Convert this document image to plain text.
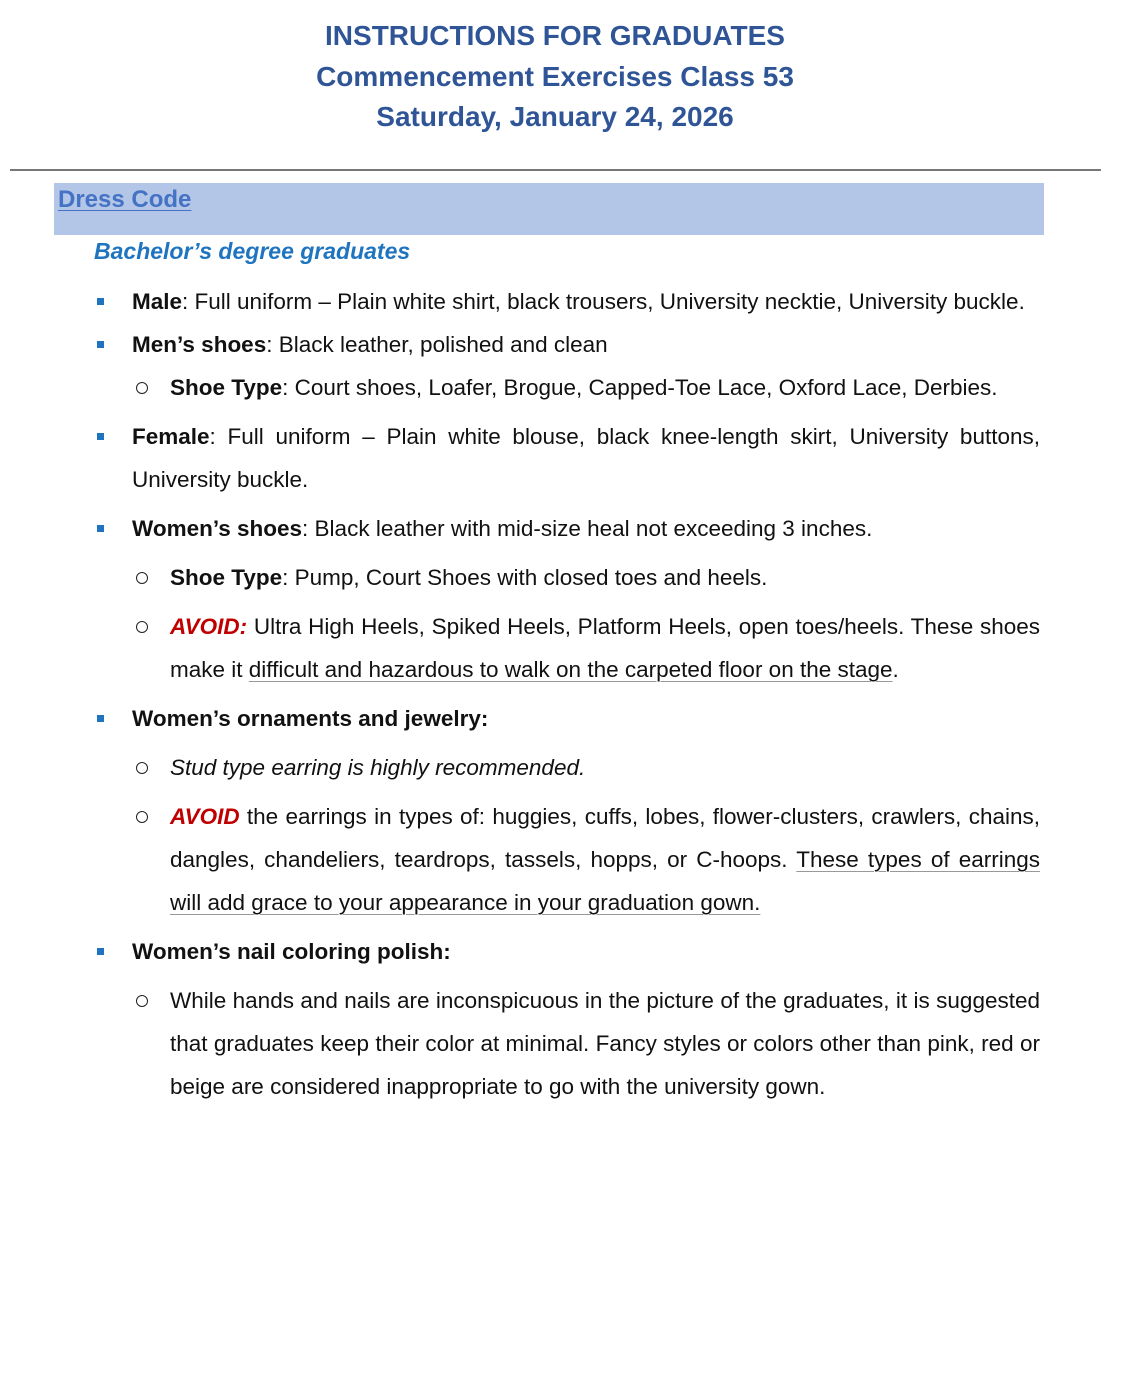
INSTRUCTIONS FOR GRADUATES
Commencement Exercises Class 53
Saturday, January 24, 2026
Dress Code
Bachelor’s degree graduates
Male: Full uniform – Plain white shirt, black trousers, University necktie, University buckle.
Men’s shoes: Black leather, polished and clean
Shoe Type: Court shoes, Loafer, Brogue, Capped-Toe Lace, Oxford Lace, Derbies.
Female: Full uniform – Plain white blouse, black knee-length skirt, University buttons, University buckle.
Women’s shoes: Black leather with mid-size heal not exceeding 3 inches.
Shoe Type: Pump, Court Shoes with closed toes and heels.
AVOID: Ultra High Heels, Spiked Heels, Platform Heels, open toes/heels. These shoes make it difficult and hazardous to walk on the carpeted floor on the stage.
Women’s ornaments and jewelry:
Stud type earring is highly recommended.
AVOID the earrings in types of: huggies, cuffs, lobes, flower-clusters, crawlers, chains, dangles, chandeliers, teardrops, tassels, hopps, or C-hoops. These types of earrings will add grace to your appearance in your graduation gown.
Women’s nail coloring polish:
While hands and nails are inconspicuous in the picture of the graduates, it is suggested that graduates keep their color at minimal. Fancy styles or colors other than pink, red or beige are considered inappropriate to go with the university gown.
